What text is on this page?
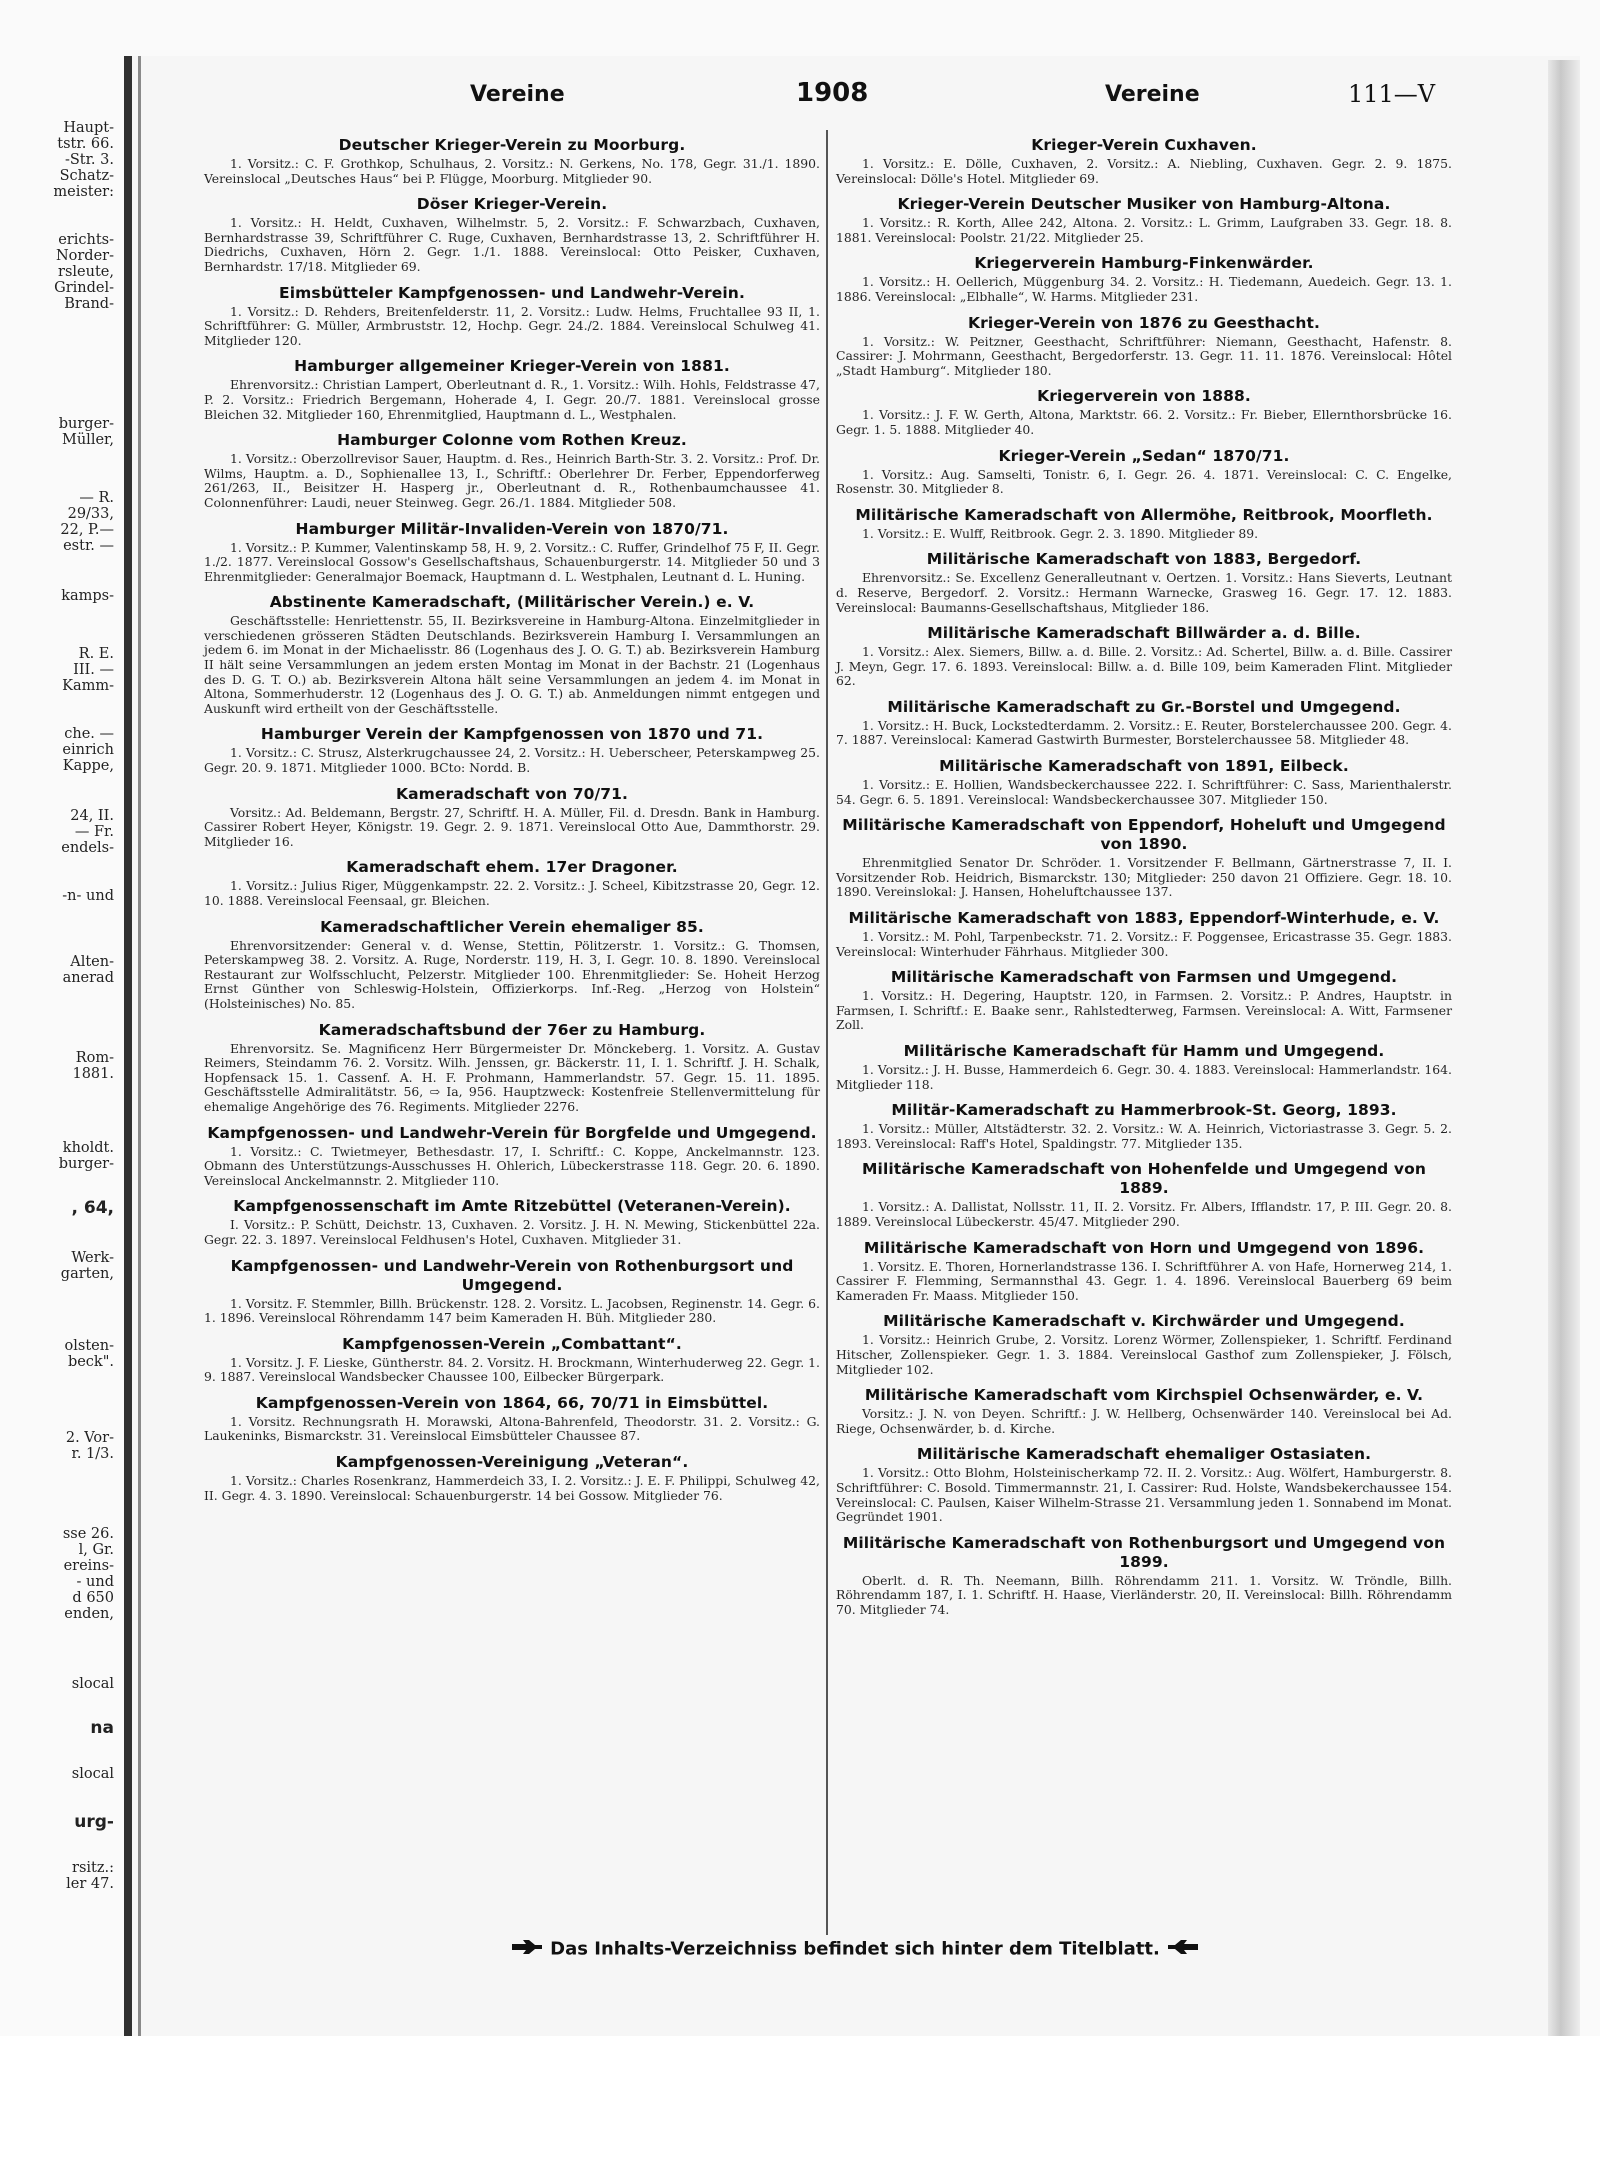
Haupt-
tstr. 66.
-Str. 3.
Schatz-
meister:
erichts-
Norder-
rsleute,
Grindel-
Brand-
burger-
Müller,
— R.
29/33,
22, P.—
estr. —
kamps-
R. E.
III. —
Kamm-
che. —
einrich
Kappe,
24, II.
— Fr.
endels-
-n- und
Alten-
anerad
Rom-
1881.
kholdt.
burger-
, 64,
Werk-
garten,
olsten-
beck".
2. Vor-
r. 1/3.
sse 26.
l, Gr.
ereins-
- und
d 650
enden,
slocal
na
slocal
urg-
rsitz.:
ler 47.
Vereine	1908	Vereine	111—V
Deutscher Krieger-Verein zu Moorburg.
1. Vorsitz.: C. F. Grothkop, Schulhaus, 2. Vorsitz.: N. Gerkens, No. 178, Gegr. 31./1. 1890. Vereinslocal „Deutsches Haus“ bei P. Flügge, Moorburg. Mitglieder 90.
Döser Krieger-Verein.
1. Vorsitz.: H. Heldt, Cuxhaven, Wilhelmstr. 5, 2. Vorsitz.: F. Schwarzbach, Cuxhaven, Bernhardstrasse 39, Schriftführer C. Ruge, Cuxhaven, Bernhardstrasse 13, 2. Schriftführer H. Diedrichs, Cuxhaven, Hörn 2. Gegr. 1./1. 1888. Vereinslocal: Otto Peisker, Cuxhaven, Bernhardstr. 17/18. Mitglieder 69.
Eimsbütteler Kampfgenossen- und Landwehr-Verein.
1. Vorsitz.: D. Rehders, Breitenfelderstr. 11, 2. Vorsitz.: Ludw. Helms, Fruchtallee 93 II, 1. Schriftführer: G. Müller, Armbruststr. 12, Hochp. Gegr. 24./2. 1884. Vereinslocal Schulweg 41. Mitglieder 120.
Hamburger allgemeiner Krieger-Verein von 1881.
Ehrenvorsitz.: Christian Lampert, Oberleutnant d. R., 1. Vorsitz.: Wilh. Hohls, Feldstrasse 47, P. 2. Vorsitz.: Friedrich Bergemann, Hoherade 4, I. Gegr. 20./7. 1881. Vereinslocal grosse Bleichen 32. Mitglieder 160, Ehrenmitglied, Hauptmann d. L., Westphalen.
Hamburger Colonne vom Rothen Kreuz.
1. Vorsitz.: Oberzollrevisor Sauer, Hauptm. d. Res., Heinrich Barth-Str. 3. 2. Vorsitz.: Prof. Dr. Wilms, Hauptm. a. D., Sophienallee 13, I., Schriftf.: Oberlehrer Dr. Ferber, Eppendorferweg 261/263, II., Beisitzer H. Hasperg jr., Oberleutnant d. R., Rothenbaumchaussee 41. Colonnenführer: Laudi, neuer Steinweg. Gegr. 26./1. 1884. Mitglieder 508.
Hamburger Militär-Invaliden-Verein von 1870/71.
1. Vorsitz.: P. Kummer, Valentinskamp 58, H. 9, 2. Vorsitz.: C. Ruffer, Grindelhof 75 F, II. Gegr. 1./2. 1877. Vereinslocal Gossow's Gesellschaftshaus, Schauenburgerstr. 14. Mitglieder 50 und 3 Ehrenmitglieder: Generalmajor Boemack, Hauptmann d. L. Westphalen, Leutnant d. L. Huning.
Abstinente Kameradschaft, (Militärischer Verein.) e. V.
Geschäftsstelle: Henriettenstr. 55, II. Bezirksvereine in Hamburg-Altona. Einzelmitglieder in verschiedenen grösseren Städten Deutschlands. Bezirksverein Hamburg I. Versammlungen an jedem 6. im Monat in der Michaelisstr. 86 (Logenhaus des J. O. G. T.) ab. Bezirksverein Hamburg II hält seine Versammlungen an jedem ersten Montag im Monat in der Bachstr. 21 (Logenhaus des D. G. T. O.) ab. Bezirksverein Altona hält seine Versammlungen an jedem 4. im Monat in Altona, Sommerhuderstr. 12 (Logenhaus des J. O. G. T.) ab. Anmeldungen nimmt entgegen und Auskunft wird ertheilt von der Geschäftsstelle.
Hamburger Verein der Kampfgenossen von 1870 und 71.
1. Vorsitz.: C. Strusz, Alsterkrugchaussee 24, 2. Vorsitz.: H. Ueberscheer, Peterskampweg 25. Gegr. 20. 9. 1871. Mitglieder 1000. BCto: Nordd. B.
Kameradschaft von 70/71.
Vorsitz.: Ad. Beldemann, Bergstr. 27, Schriftf. H. A. Müller, Fil. d. Dresdn. Bank in Hamburg. Cassirer Robert Heyer, Königstr. 19. Gegr. 2. 9. 1871. Vereinslocal Otto Aue, Dammthorstr. 29. Mitglieder 16.
Kameradschaft ehem. 17er Dragoner.
1. Vorsitz.: Julius Riger, Müggenkampstr. 22. 2. Vorsitz.: J. Scheel, Kibitzstrasse 20, Gegr. 12. 10. 1888. Vereinslocal Feensaal, gr. Bleichen.
Kameradschaftlicher Verein ehemaliger 85.
Ehrenvorsitzender: General v. d. Wense, Stettin, Pölitzerstr. 1. Vorsitz.: G. Thomsen, Peterskampweg 38. 2. Vorsitz. A. Ruge, Norderstr. 119, H. 3, I. Gegr. 10. 8. 1890. Vereinslocal Restaurant zur Wolfsschlucht, Pelzerstr. Mitglieder 100. Ehrenmitglieder: Se. Hoheit Herzog Ernst Günther von Schleswig-Holstein, Offizierkorps. Inf.-Reg. „Herzog von Holstein“ (Holsteinisches) No. 85.
Kameradschaftsbund der 76er zu Hamburg.
Ehrenvorsitz. Se. Magnificenz Herr Bürgermeister Dr. Mönckeberg. 1. Vorsitz. A. Gustav Reimers, Steindamm 76. 2. Vorsitz. Wilh. Jenssen, gr. Bäckerstr. 11, I. 1. Schriftf. J. H. Schalk, Hopfensack 15. 1. Cassenf. A. H. F. Prohmann, Hammerlandstr. 57. Gegr. 15. 11. 1895. Geschäftsstelle Admiralitätstr. 56, ⇨ Ia, 956. Hauptzweck: Kostenfreie Stellenvermittelung für ehemalige Angehörige des 76. Regiments. Mitglieder 2276.
Kampfgenossen- und Landwehr-Verein für Borgfelde und Umgegend.
1. Vorsitz.: C. Twietmeyer, Bethesdastr. 17, I. Schriftf.: C. Koppe, Anckelmannstr. 123. Obmann des Unterstützungs-Ausschusses H. Ohlerich, Lübeckerstrasse 118. Gegr. 20. 6. 1890. Vereinslocal Anckelmannstr. 2. Mitglieder 110.
Kampfgenossenschaft im Amte Ritzebüttel (Veteranen-Verein).
I. Vorsitz.: P. Schütt, Deichstr. 13, Cuxhaven. 2. Vorsitz. J. H. N. Mewing, Stickenbüttel 22a. Gegr. 22. 3. 1897. Vereinslocal Feldhusen's Hotel, Cuxhaven. Mitglieder 31.
Kampfgenossen- und Landwehr-Verein von Rothenburgsort und Umgegend.
1. Vorsitz. F. Stemmler, Billh. Brückenstr. 128. 2. Vorsitz. L. Jacobsen, Reginenstr. 14. Gegr. 6. 1. 1896. Vereinslocal Röhrendamm 147 beim Kameraden H. Büh. Mitglieder 280.
Kampfgenossen-Verein „Combattant“.
1. Vorsitz. J. F. Lieske, Güntherstr. 84. 2. Vorsitz. H. Brockmann, Winterhuderweg 22. Gegr. 1. 9. 1887. Vereinslocal Wandsbecker Chaussee 100, Eilbecker Bürgerpark.
Kampfgenossen-Verein von 1864, 66, 70/71 in Eimsbüttel.
1. Vorsitz. Rechnungsrath H. Morawski, Altona-Bahrenfeld, Theodorstr. 31. 2. Vorsitz.: G. Laukeninks, Bismarckstr. 31. Vereinslocal Eimsbütteler Chaussee 87.
Kampfgenossen-Vereinigung „Veteran“.
1. Vorsitz.: Charles Rosenkranz, Hammerdeich 33, I. 2. Vorsitz.: J. E. F. Philippi, Schulweg 42, II. Gegr. 4. 3. 1890. Vereinslocal: Schauenburgerstr. 14 bei Gossow. Mitglieder 76.
Krieger-Verein Cuxhaven.
1. Vorsitz.: E. Dölle, Cuxhaven, 2. Vorsitz.: A. Niebling, Cuxhaven. Gegr. 2. 9. 1875. Vereinslocal: Dölle's Hotel. Mitglieder 69.
Krieger-Verein Deutscher Musiker von Hamburg-Altona.
1. Vorsitz.: R. Korth, Allee 242, Altona. 2. Vorsitz.: L. Grimm, Laufgraben 33. Gegr. 18. 8. 1881. Vereinslocal: Poolstr. 21/22. Mitglieder 25.
Kriegerverein Hamburg-Finkenwärder.
1. Vorsitz.: H. Oellerich, Müggenburg 34. 2. Vorsitz.: H. Tiedemann, Auedeich. Gegr. 13. 1. 1886. Vereinslocal: „Elbhalle“, W. Harms. Mitglieder 231.
Krieger-Verein von 1876 zu Geesthacht.
1. Vorsitz.: W. Peitzner, Geesthacht, Schriftführer: Niemann, Geesthacht, Hafenstr. 8. Cassirer: J. Mohrmann, Geesthacht, Bergedorferstr. 13. Gegr. 11. 11. 1876. Vereinslocal: Hôtel „Stadt Hamburg“. Mitglieder 180.
Kriegerverein von 1888.
1. Vorsitz.: J. F. W. Gerth, Altona, Marktstr. 66. 2. Vorsitz.: Fr. Bieber, Ellernthorsbrücke 16. Gegr. 1. 5. 1888. Mitglieder 40.
Krieger-Verein „Sedan“ 1870/71.
1. Vorsitz.: Aug. Samselti, Tonistr. 6, I. Gegr. 26. 4. 1871. Vereinslocal: C. C. Engelke, Rosenstr. 30. Mitglieder 8.
Militärische Kameradschaft von Allermöhe, Reitbrook, Moorfleth.
1. Vorsitz.: E. Wulff, Reitbrook. Gegr. 2. 3. 1890. Mitglieder 89.
Militärische Kameradschaft von 1883, Bergedorf.
Ehrenvorsitz.: Se. Excellenz Generalleutnant v. Oertzen. 1. Vorsitz.: Hans Sieverts, Leutnant d. Reserve, Bergedorf. 2. Vorsitz.: Hermann Warnecke, Grasweg 16. Gegr. 17. 12. 1883. Vereinslocal: Baumanns-Gesellschaftshaus, Mitglieder 186.
Militärische Kameradschaft Billwärder a. d. Bille.
1. Vorsitz.: Alex. Siemers, Billw. a. d. Bille. 2. Vorsitz.: Ad. Schertel, Billw. a. d. Bille. Cassirer J. Meyn, Gegr. 17. 6. 1893. Vereinslocal: Billw. a. d. Bille 109, beim Kameraden Flint. Mitglieder 62.
Militärische Kameradschaft zu Gr.-Borstel und Umgegend.
1. Vorsitz.: H. Buck, Lockstedterdamm. 2. Vorsitz.: E. Reuter, Borstelerchaussee 200. Gegr. 4. 7. 1887. Vereinslocal: Kamerad Gastwirth Burmester, Borstelerchaussee 58. Mitglieder 48.
Militärische Kameradschaft von 1891, Eilbeck.
1. Vorsitz.: E. Hollien, Wandsbeckerchaussee 222. I. Schriftführer: C. Sass, Marienthalerstr. 54. Gegr. 6. 5. 1891. Vereinslocal: Wandsbeckerchaussee 307. Mitglieder 150.
Militärische Kameradschaft von Eppendorf, Hoheluft und Umgegend von 1890.
Ehrenmitglied Senator Dr. Schröder. 1. Vorsitzender F. Bellmann, Gärtnerstrasse 7, II. I. Vorsitzender Rob. Heidrich, Bismarckstr. 130; Mitglieder: 250 davon 21 Offiziere. Gegr. 18. 10. 1890. Vereinslokal: J. Hansen, Hoheluftchaussee 137.
Militärische Kameradschaft von 1883, Eppendorf-Winterhude, e. V.
1. Vorsitz.: M. Pohl, Tarpenbeckstr. 71. 2. Vorsitz.: F. Poggensee, Ericastrasse 35. Gegr. 1883. Vereinslocal: Winterhuder Fährhaus. Mitglieder 300.
Militärische Kameradschaft von Farmsen und Umgegend.
1. Vorsitz.: H. Degering, Hauptstr. 120, in Farmsen. 2. Vorsitz.: P. Andres, Hauptstr. in Farmsen, I. Schriftf.: E. Baake senr., Rahlstedterweg, Farmsen. Vereinslocal: A. Witt, Farmsener Zoll.
Militärische Kameradschaft für Hamm und Umgegend.
1. Vorsitz.: J. H. Busse, Hammerdeich 6. Gegr. 30. 4. 1883. Vereinslocal: Hammerlandstr. 164. Mitglieder 118.
Militär-Kameradschaft zu Hammerbrook-St. Georg, 1893.
1. Vorsitz.: Müller, Altstädterstr. 32. 2. Vorsitz.: W. A. Heinrich, Victoriastrasse 3. Gegr. 5. 2. 1893. Vereinslocal: Raff's Hotel, Spaldingstr. 77. Mitglieder 135.
Militärische Kameradschaft von Hohenfelde und Umgegend von 1889.
1. Vorsitz.: A. Dallistat, Nollsstr. 11, II. 2. Vorsitz. Fr. Albers, Ifflandstr. 17, P. III. Gegr. 20. 8. 1889. Vereinslocal Lübeckerstr. 45/47. Mitglieder 290.
Militärische Kameradschaft von Horn und Umgegend von 1896.
1. Vorsitz. E. Thoren, Hornerlandstrasse 136. I. Schriftführer A. von Hafe, Hornerweg 214, 1. Cassirer F. Flemming, Sermannsthal 43. Gegr. 1. 4. 1896. Vereinslocal Bauerberg 69 beim Kameraden Fr. Maass. Mitglieder 150.
Militärische Kameradschaft v. Kirchwärder und Umgegend.
1. Vorsitz.: Heinrich Grube, 2. Vorsitz. Lorenz Wörmer, Zollenspieker, 1. Schriftf. Ferdinand Hitscher, Zollenspieker. Gegr. 1. 3. 1884. Vereinslocal Gasthof zum Zollenspieker, J. Fölsch, Mitglieder 102.
Militärische Kameradschaft vom Kirchspiel Ochsenwärder, e. V.
Vorsitz.: J. N. von Deyen. Schriftf.: J. W. Hellberg, Ochsenwärder 140. Vereinslocal bei Ad. Riege, Ochsenwärder, b. d. Kirche.
Militärische Kameradschaft ehemaliger Ostasiaten.
1. Vorsitz.: Otto Blohm, Holsteinischerkamp 72. II. 2. Vorsitz.: Aug. Wölfert, Hamburgerstr. 8. Schriftführer: C. Bosold. Timmermannstr. 21, I. Cassirer: Rud. Holste, Wandsbekerchaussee 154. Vereinslocal: C. Paulsen, Kaiser Wilhelm-Strasse 21. Versammlung jeden 1. Sonnabend im Monat. Gegründet 1901.
Militärische Kameradschaft von Rothenburgsort und Umgegend von 1899.
Oberlt. d. R. Th. Neemann, Billh. Röhrendamm 211. 1. Vorsitz. W. Tröndle, Billh. Röhrendamm 187, I. 1. Schriftf. H. Haase, Vierländerstr. 20, II. Vereinslocal: Billh. Röhrendamm 70. Mitglieder 74.
Das Inhalts-Verzeichniss befindet sich hinter dem Titelblatt.
